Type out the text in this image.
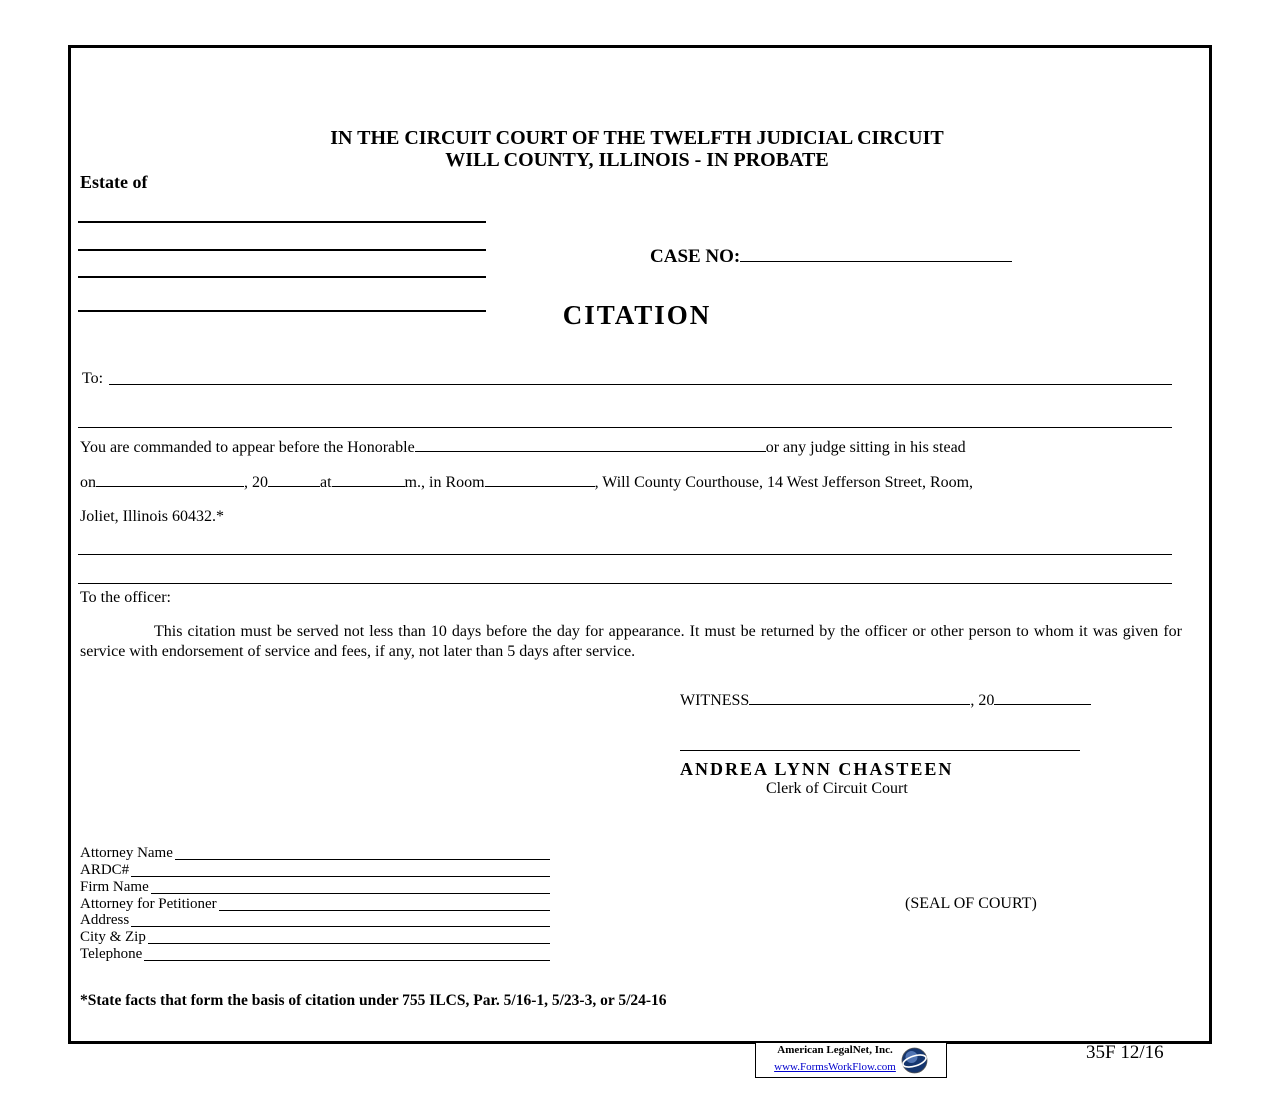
IN THE CIRCUIT COURT OF THE TWELFTH JUDICIAL CIRCUIT
WILL COUNTY, ILLINOIS - IN PROBATE
Estate of
CASE NO:
CITATION
To:
You are commanded to appear before the Honorable	or any judge sitting in his stead
on	, 20	at	m., in Room	, Will County Courthouse, 14 West Jefferson Street, Room,
Joliet, Illinois 60432.*
To the officer:
This citation must be served not less than 10 days before the day for appearance. It must be returned by the officer or other person to whom it was given for service with endorsement of service and fees, if any, not later than 5 days after service.
WITNESS	, 20
ANDREA LYNN CHASTEEN
Clerk of Circuit Court
Attorney Name
ARDC#
Firm Name
Attorney for Petitioner
Address
City & Zip
Telephone
(SEAL OF COURT)
*State facts that form the basis of citation under 755 ILCS, Par. 5/16-1, 5/23-3, or 5/24-16
American LegalNet, Inc.
www.FormsWorkFlow.com
35F 12/16
